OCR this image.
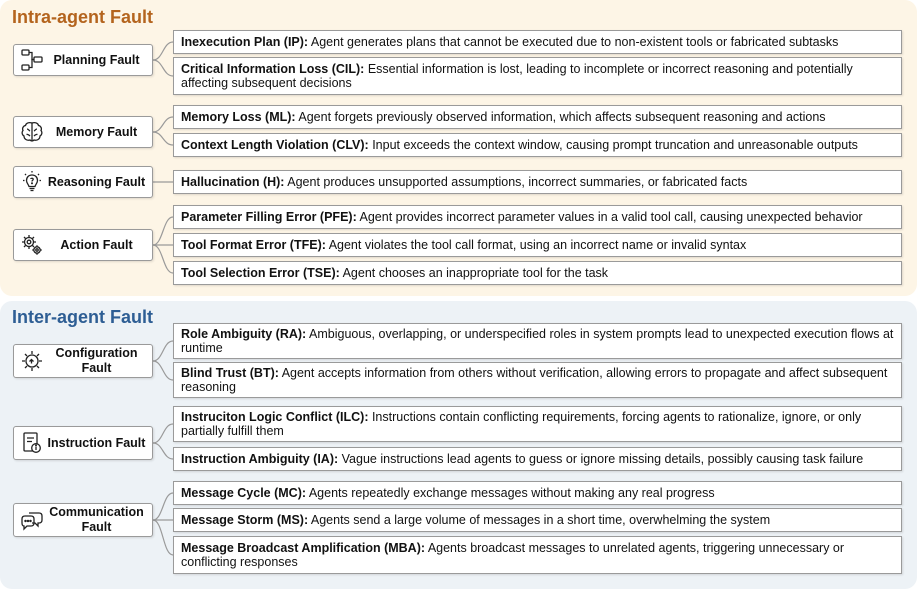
Intra-agent Fault
Inter-agent Fault
Planning Fault
Inexecution Plan (IP): Agent generates plans that cannot be executed due to non-existent tools or fabricated subtasks
Critical Information Loss (CIL): Essential information is lost, leading to incomplete or incorrect reasoning and potentially affecting subsequent decisions
Memory Fault
Memory Loss (ML): Agent forgets previously observed information, which affects subsequent reasoning and actions
Context Length Violation (CLV): Input exceeds the context window, causing prompt truncation and unreasonable outputs
Reasoning Fault	Hallucination (H): Agent produces unsupported assumptions, incorrect summaries, or fabricated facts
Action Fault
Parameter Filling Error (PFE): Agent provides incorrect parameter values in a valid tool call, causing unexpected behavior
Tool Format Error (TFE): Agent violates the tool call format, using an incorrect name or invalid syntax
Tool Selection Error (TSE): Agent chooses an inappropriate tool for the task
Configuration Fault
Role Ambiguity (RA): Ambiguous, overlapping, or underspecified roles in system prompts lead to unexpected execution flows at runtime
Blind Trust (BT): Agent accepts information from others without verification, allowing errors to propagate and affect subsequent reasoning
Instruction Fault
Instruciton Logic Conflict (ILC): Instructions contain conflicting requirements, forcing agents to rationalize, ignore, or only partially fulfill them
Instruction Ambiguity (IA): Vague instructions lead agents to guess or ignore missing details, possibly causing task failure
Communication Fault
Message Cycle (MC): Agents repeatedly exchange messages without making any real progress
Message Storm (MS): Agents send a large volume of messages in a short time, overwhelming the system
Message Broadcast Amplification (MBA): Agents broadcast messages to unrelated agents, triggering unnecessary or conflicting responses
